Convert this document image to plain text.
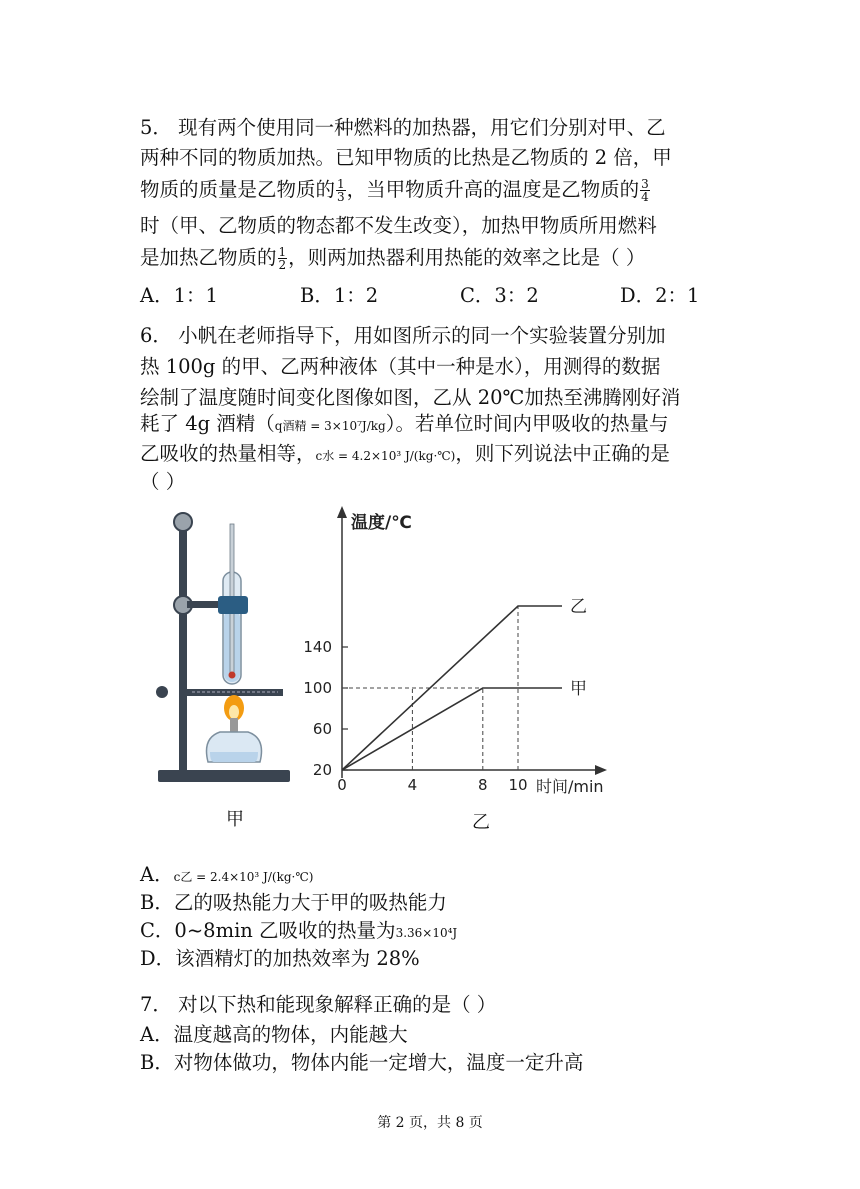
5． 现有两个使用同一种燃料的加热器，用它们分别对甲、乙
两种不同的物质加热。已知甲物质的比热是乙物质的 2 倍，甲
物质的质量是乙物质的 $\frac{1}{3}$ ，当甲物质升高的温度是乙物质的 $\frac{3}{4}$
时（甲、乙物质的物态都不发生改变），加热甲物质所用燃料
是加热乙物质的 $\frac{1}{2}$ ，则两加热器利用热能的效率之比是（ ）
A．1：1	B．1：2	C．3：2	D．2：1
6． 小帆在老师指导下，用如图所示的同一个实验装置分别加
热 100g 的甲、乙两种液体（其中一种是水），用测得的数据
绘制了温度随时间变化图像如图，乙从 20℃加热至沸腾刚好消
耗了 4g 酒精（q酒精 = 3×10⁷J/kg）。若单位时间内甲吸收的热量与
乙吸收的热量相等，c水 = 4.2×10³ J/(kg·℃)，则下列说法中正确的是
（ ）
甲
温度/℃
时间/min
0	4	8 10
20
60
100
140
乙
甲
乙
A．c乙 = 2.4×10³ J/(kg·℃)
B．乙的吸热能力大于甲的吸热能力
C．0~8min 乙吸收的热量为3.36×10⁴J
D．该酒精灯的加热效率为 28%
7． 对以下热和能现象解释正确的是（ ）
A．温度越高的物体，内能越大
B．对物体做功，物体内能一定增大，温度一定升高
第 2 页，共 8 页
